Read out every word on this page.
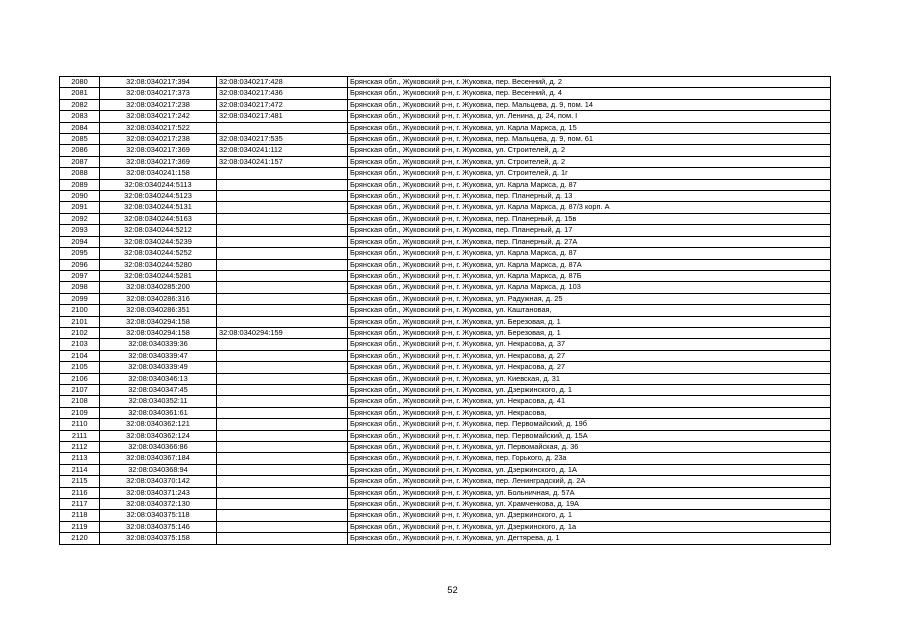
2080	32:08:0340217:394	32:08:0340217:428	Брянская обл., Жуковский р-н, г. Жуковка, пер. Весенний, д. 2
2081	32:08:0340217:373	32:08:0340217:436	Брянская обл., Жуковский р-н, г. Жуковка, пер. Весенний, д. 4
2082	32:08:0340217:238	32:08:0340217:472	Брянская обл., Жуковский р-н, г. Жуковка, пер. Мальцева, д. 9, пом. 14
2083	32:08:0340217:242	32:08:0340217:481	Брянская обл., Жуковский р-н, г. Жуковка, ул. Ленина, д. 24, пом. I
2084	32:08:0340217:522		Брянская обл., Жуковский р-н, г. Жуковка, ул. Карла Маркса, д. 15
2085	32:08:0340217:238	32:08:0340217:535	Брянская обл., Жуковский р-н, г. Жуковка, пер. Мальцева, д. 9, пом. 61
2086	32:08:0340217:369	32:08:0340241:112	Брянская обл., Жуковский р-н, г. Жуковка, ул. Строителей, д. 2
2087	32:08:0340217:369	32:08:0340241:157	Брянская обл., Жуковский р-н, г. Жуковка, ул. Строителей, д. 2
2088	32:08:0340241:158		Брянская обл., Жуковский р-н, г. Жуковка, ул. Строителей, д. 1г
2089	32:08:0340244:5113		Брянская обл., Жуковский р-н, г. Жуковка, ул. Карла Маркса, д. 87
2090	32:08:0340244:5123		Брянская обл., Жуковский р-н, г. Жуковка, пер. Планерный, д. 13
2091	32:08:0340244:5131		Брянская обл., Жуковский р-н, г. Жуковка, ул. Карла Маркса, д. 87/3 корп. А
2092	32:08:0340244:5163		Брянская обл., Жуковский р-н, г. Жуковка, пер. Планерный, д. 15в
2093	32:08:0340244:5212		Брянская обл., Жуковский р-н, г. Жуковка, пер. Планерный, д. 17
2094	32:08:0340244:5239		Брянская обл., Жуковский р-н, г. Жуковка, пер. Планерный, д. 27А
2095	32:08:0340244:5252		Брянская обл., Жуковский р-н, г. Жуковка, ул. Карла Маркса, д. 87
2096	32:08:0340244:5280		Брянская обл., Жуковский р-н, г. Жуковка, ул. Карла Маркса, д. 87А
2097	32:08:0340244:5281		Брянская обл., Жуковский р-н, г. Жуковка, ул. Карла Маркса, д. 87Б
2098	32:08:0340285:200		Брянская обл., Жуковский р-н, г. Жуковка, ул. Карла Маркса, д. 103
2099	32:08:0340286:316		Брянская обл., Жуковский р-н, г. Жуковка, ул. Радужная, д. 25
2100	32:08:0340286:351		Брянская обл., Жуковский р-н, г. Жуковка, ул. Каштановая,
2101	32:08:0340294:158		Брянская обл., Жуковский р-н, г. Жуковка, ул. Березовая, д. 1
2102	32:08:0340294:158	32:08:0340294:159	Брянская обл., Жуковский р-н, г. Жуковка, ул. Березовая, д. 1
2103	32:08:0340339:36		Брянская обл., Жуковский р-н, г. Жуковка, ул. Некрасова, д. 37
2104	32:08:0340339:47		Брянская обл., Жуковский р-н, г. Жуковка, ул. Некрасова, д. 27
2105	32:08:0340339:49		Брянская обл., Жуковский р-н, г. Жуковка, ул. Некрасова, д. 27
2106	32:08:0340346:13		Брянская обл., Жуковский р-н, г. Жуковка, ул. Киевская, д. 31
2107	32:08:0340347:45		Брянская обл., Жуковский р-н, г. Жуковка, ул. Дзержинского, д. 1
2108	32:08:0340352:11		Брянская обл., Жуковский р-н, г. Жуковка, ул. Некрасова, д. 41
2109	32:08:0340361:61		Брянская обл., Жуковский р-н, г. Жуковка, ул. Некрасова,
2110	32:08:0340362:121		Брянская обл., Жуковский р-н, г. Жуковка, пер. Первомайский, д. 19б
2111	32:08:0340362:124		Брянская обл., Жуковский р-н, г. Жуковка, пер. Первомайский, д. 15А
2112	32:08:0340366:86		Брянская обл., Жуковский р-н, г. Жуковка, ул. Первомайская, д. 36
2113	32:08:0340367:184		Брянская обл., Жуковский р-н, г. Жуковка, пер. Горького, д. 23а
2114	32:08:0340368:94		Брянская обл., Жуковский р-н, г. Жуковка, ул. Дзержинского, д. 1А
2115	32:08:0340370:142		Брянская обл., Жуковский р-н, г. Жуковка, пер. Ленинградский, д. 2А
2116	32:08:0340371:243		Брянская обл., Жуковский р-н, г. Жуковка, ул. Больничная, д. 57А
2117	32:08:0340372:130		Брянская обл., Жуковский р-н, г. Жуковка, ул. Храмченкова, д. 19А
2118	32:08:0340375:118		Брянская обл., Жуковский р-н, г. Жуковка, ул. Дзержинского, д. 1
2119	32:08:0340375:146		Брянская обл., Жуковский р-н, г. Жуковка, ул. Дзержинского, д. 1а
2120	32:08:0340375:158		Брянская обл., Жуковский р-н, г. Жуковка, ул. Дегтярева, д. 1
52
